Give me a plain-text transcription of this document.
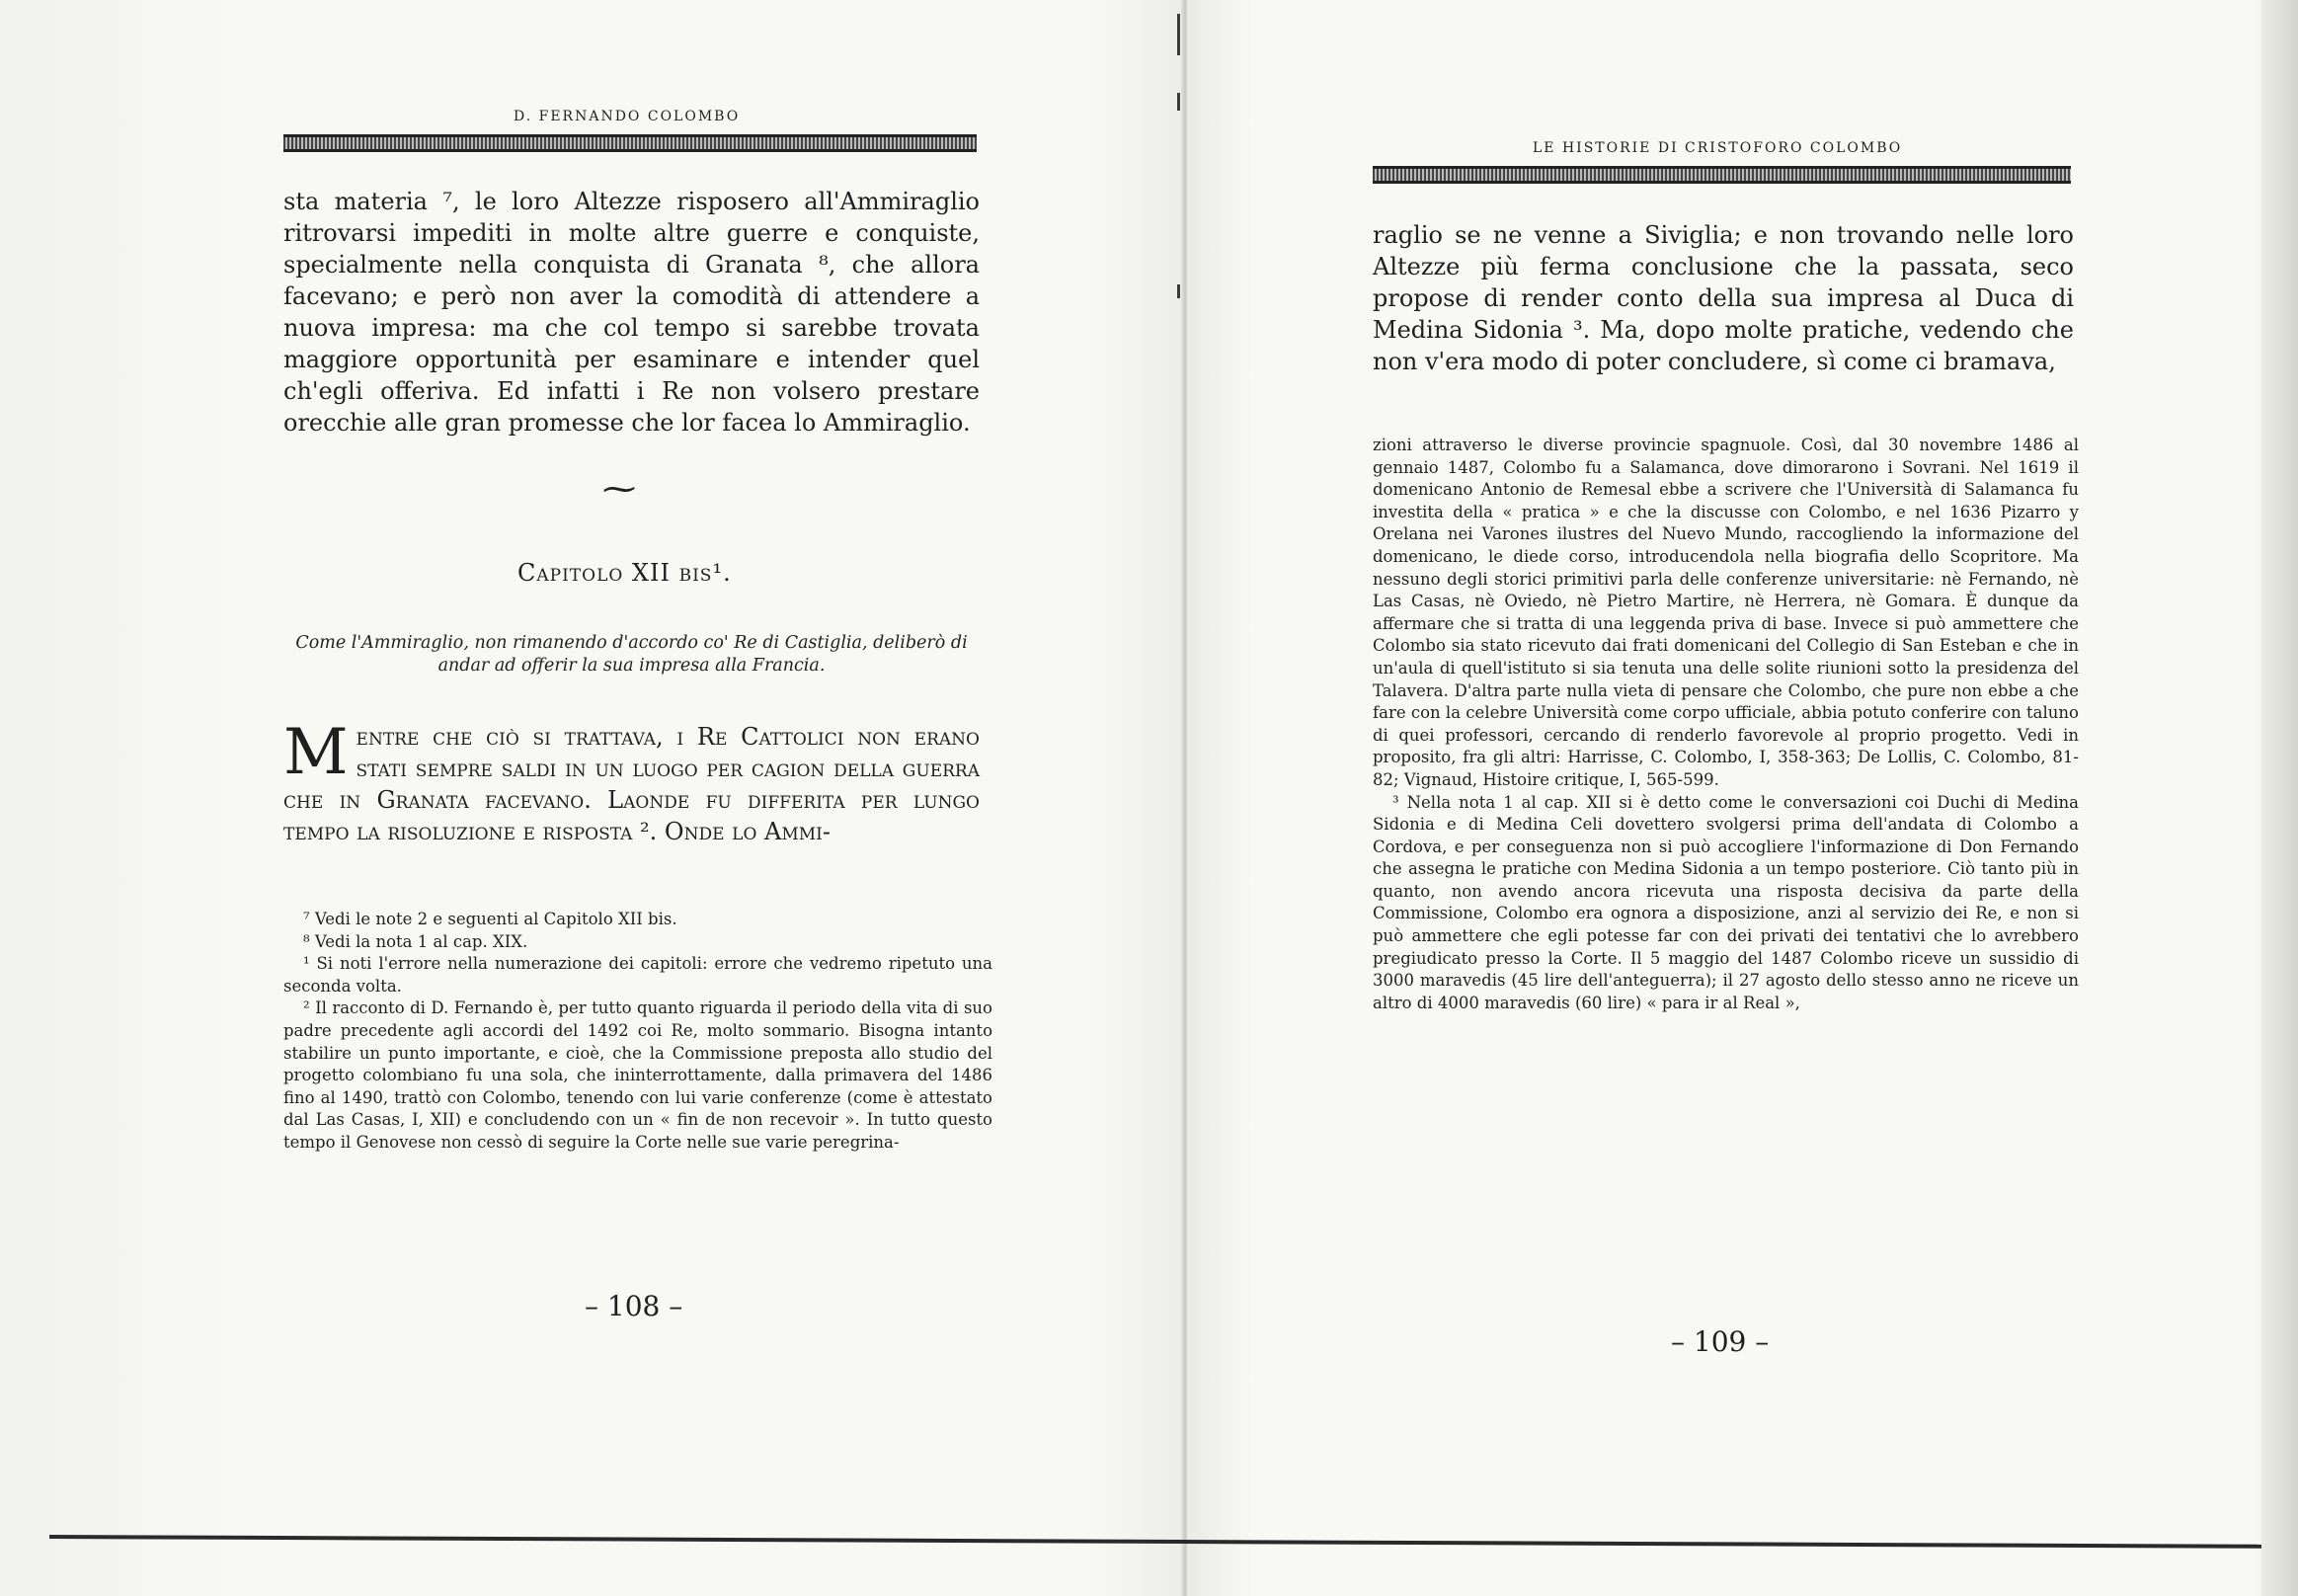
D. FERNANDO COLOMBO

sta materia ⁷, le loro Altezze risposero all'Ammiraglio ritrovarsi impediti in molte altre guerre e conquiste, specialmente nella conquista di Granata ⁸, che allora facevano; e però non aver la comodità di attendere a nuova impresa: ma che col tempo si sarebbe trovata maggiore opportunità per esaminare e intender quel ch'egli offeriva. Ed infatti i Re non volsero prestare orecchie alle gran promesse che lor facea lo Ammiraglio.

⁓
Capitolo XII bis¹.

Come l'Ammiraglio, non rimanendo d'accordo co' Re di Castiglia, deliberò di andar ad offerir la sua impresa alla Francia.

Mentre che ciò si trattava, i Re Cattolici non erano stati sempre saldi in un luogo per cagion della guerra che in Granata facevano. Laonde fu differita per lungo tempo la risoluzione e risposta ². Onde lo Ammi-

⁷ Vedi le note 2 e seguenti al Capitolo XII bis.

⁸ Vedi la nota 1 al cap. XIX.

¹ Si noti l'errore nella numerazione dei capitoli: errore che vedremo ripetuto una seconda volta.

² Il racconto di D. Fernando è, per tutto quanto riguarda il periodo della vita di suo padre precedente agli accordi del 1492 coi Re, molto sommario. Bisogna intanto stabilire un punto importante, e cioè, che la Commissione preposta allo studio del progetto colombiano fu una sola, che ininterrottamente, dalla primavera del 1486 fino al 1490, trattò con Colombo, tenendo con lui varie conferenze (come è attestato dal Las Casas, I, XII) e concludendo con un « fin de non recevoir ». In tutto questo tempo il Genovese non cessò di seguire la Corte nelle sue varie peregrina-

– 108 –
LE HISTORIE DI CRISTOFORO COLOMBO

raglio se ne venne a Siviglia; e non trovando nelle loro Altezze più ferma conclusione che la passata, seco propose di render conto della sua impresa al Duca di Medina Sidonia ³. Ma, dopo molte pratiche, vedendo che non v'era modo di poter concludere, sì come ci bramava,

zioni attraverso le diverse provincie spagnuole. Così, dal 30 novembre 1486 al gennaio 1487, Colombo fu a Salamanca, dove dimorarono i Sovrani. Nel 1619 il domenicano Antonio de Remesal ebbe a scrivere che l'Università di Salamanca fu investita della « pratica » e che la discusse con Colombo, e nel 1636 Pizarro y Orelana nei Varones ilustres del Nuevo Mundo, raccogliendo la informazione del domenicano, le diede corso, introducendola nella biografia dello Scopritore. Ma nessuno degli storici primitivi parla delle conferenze universitarie: nè Fernando, nè Las Casas, nè Oviedo, nè Pietro Martire, nè Herrera, nè Gomara. È dunque da affermare che si tratta di una leggenda priva di base. Invece si può ammettere che Colombo sia stato ricevuto dai frati domenicani del Collegio di San Esteban e che in un'aula di quell'istituto si sia tenuta una delle solite riunioni sotto la presidenza del Talavera. D'altra parte nulla vieta di pensare che Colombo, che pure non ebbe a che fare con la celebre Università come corpo ufficiale, abbia potuto conferire con taluno di quei professori, cercando di renderlo favorevole al proprio progetto. Vedi in proposito, fra gli altri: Harrisse, C. Colombo, I, 358-363; De Lollis, C. Colombo, 81-82; Vignaud, Histoire critique, I, 565-599.

³ Nella nota 1 al cap. XII si è detto come le conversazioni coi Duchi di Medina Sidonia e di Medina Celi dovettero svolgersi prima dell'andata di Colombo a Cordova, e per conseguenza non si può accogliere l'informazione di Don Fernando che assegna le pratiche con Medina Sidonia a un tempo posteriore. Ciò tanto più in quanto, non avendo ancora ricevuta una risposta decisiva da parte della Commissione, Colombo era ognora a disposizione, anzi al servizio dei Re, e non si può ammettere che egli potesse far con dei privati dei tentativi che lo avrebbero pregiudicato presso la Corte. Il 5 maggio del 1487 Colombo riceve un sussidio di 3000 maravedis (45 lire dell'anteguerra); il 27 agosto dello stesso anno ne riceve un altro di 4000 maravedis (60 lire) « para ir al Real »,

– 109 –
